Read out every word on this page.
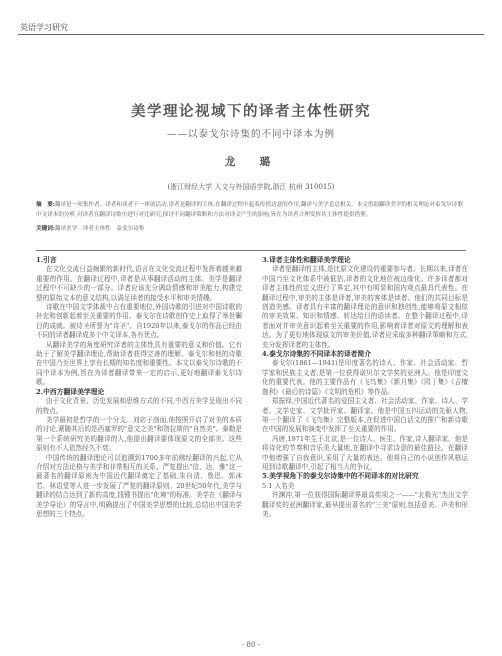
英语学习研究
美学理论视域下的译者主体性研究
——以泰戈尔诗集的不同中译本为例
龙　璐
(浙江财经大学 人文与外国语学院,浙江 杭州 310015)
摘　要:翻译是一项集作者、译者和读者于一体的活动,译者是翻译的主体,在翻译过程中起着传情达意的作用,翻译与美学息息相关。本文借助翻译美学的相关理论对泰戈尔诗歌中文译本的分析,对译者在翻译诗歌中进行对比研究,探讨不同翻译策略和方法对译文产生的影响,旨在为译者合理发挥其主体性提供借鉴。
关键词:翻译美学　译者主体性　泰戈尔诗集
1.引言

在文化交流日益频繁的新时代,语言在文化交流过程中发挥着越来越重要的作用。在翻译过程中,译者是从事翻译活动的主体。美学是翻译过程中不可缺少的一部分。译者应该充分调动情感和审美能力,构建完整的原始文本的意义结构,以满足读者的接受水平和审美情趣。

诗歌在中国文学体裁中占有重要地位,外国诗歌的引进对中国诗歌的补充和创新起着至关重要的作用。泰戈尔在诗歌创作史上取得了举世瞩目的成就。被诗圣所誉为"诗圣"。自1920年以来,泰戈尔的作品已经由不同的译者翻译成多个中文译本,各有优点。

从翻译美学的角度研究译者的主体性具有重要的意义和价值。它有助于了解美学翻译理论,帮助译者获得完善的理解。泰戈尔和他的诗歌在中国乃至世界上享有长期的知名度和重要性。本文以泰戈尔诗歌的不同中译本为例,旨在为译者翻译带来一定的启示,更好地翻译泰戈尔诗歌。

2.中西方翻译美学理论

由于文化背景、历史发展和思维方式的不同,中西方美学呈现出不同的特点。

美学最初是哲学的一个分支。刘宓子剖面,他按照开启了对美的本质的讨论,紧随其后的是西塞罗的"意文之美"和贺拉斯的"自然美"。泰勒是第一个系统研究美的翻译的人,他提出翻译要体现原文的全部美。这些原则有不人依然经久不衰。

中国传统的翻译理论可以追溯到1700多年前佛经翻译的兴起,它从介绍对方法论格与美学和非常相互的关系。严复提出"信、达、雅"这一最著名的翻译原则为中国近代翻译奠定了基础,朱自清、鲁迅、郭沫若、林语堂等人进一步发展了严复的翻译原则。20世纪50年代,美学与翻译的结合达到了新的高度,钱锺书提出"化境"的标准。美学在《翻译与美学导论》的导言中,明确提出了中国美学思想的比较,总结出中国美学思想的三个特点。

3.译者主体性和翻译美学理论

译者是翻译的主体,是比原文化建设的重要参与者。长期以来,译者在中国乃至文化体系中被低估,译者的文化地位被边缘化。许多译者都对译者主体性的定义进行了界定,其中有明显和国内观点最具代表性。在翻译过程中,审美的主体是译者,审美的客体是读者。他们的共同目标是创造美感。译者具有丰富的翻译理论的意识和独创性,能够将原文相似的审美效果、知识和情感、转达给目的语读者。在整个翻译过程中,译者面对并审美意识起着至关重要的作用,影响着译者对原文的理解和表达。为了更好地体现原文的审美价值,译者应采取多种翻译策略和方式,充分发挥译者的主体性。

4.泰戈尔诗集的不同译本的译者简介

泰戈尔(1861—1941)是印度著名的诗人、作家、社会活动家、哲学家和民族主义者,是第一位获得诺贝尔文学奖的亚洲人。他是印度文化的重要代表。他的主要作品有《飞鸟集》《新月集》《园丁集》《吉檀迦利》《最后的诗篇》《文明的危机》等作品。

郑振铎,中国近代著名的爱国主义者、社会活动家、作家、诗人、学者、文学史家、文学批评家、翻译家。他是中国五四运动的先驱人物,第一个翻译了《飞鸟集》完整版本,在促进中国白话文的推广和新诗歌在中国的发展和演变中发挥了至关重要的作用。

冯唐,1971年生于北京,是一位诗人、医生、作家,诗人翻译家。他是将诗化的节奏和音乐美大量地,在翻译中寻求诗意的最佳路径。在翻译中他增强了自我意识,采用了大量的表达。他将自己的小说创作风格运用到诗歌翻译中,引起了相当大的争议。

5.美学视角下的泰戈尔诗集中的不同译本的对比研究
5.1 人名美

许渊冲,第一位获得国际翻译界最高奖项之一——"北极光"杰出文学翻译奖的亚洲翻译家,最早提出著名的"三美"原则,包括意美、声美和形美。

- 80 -
